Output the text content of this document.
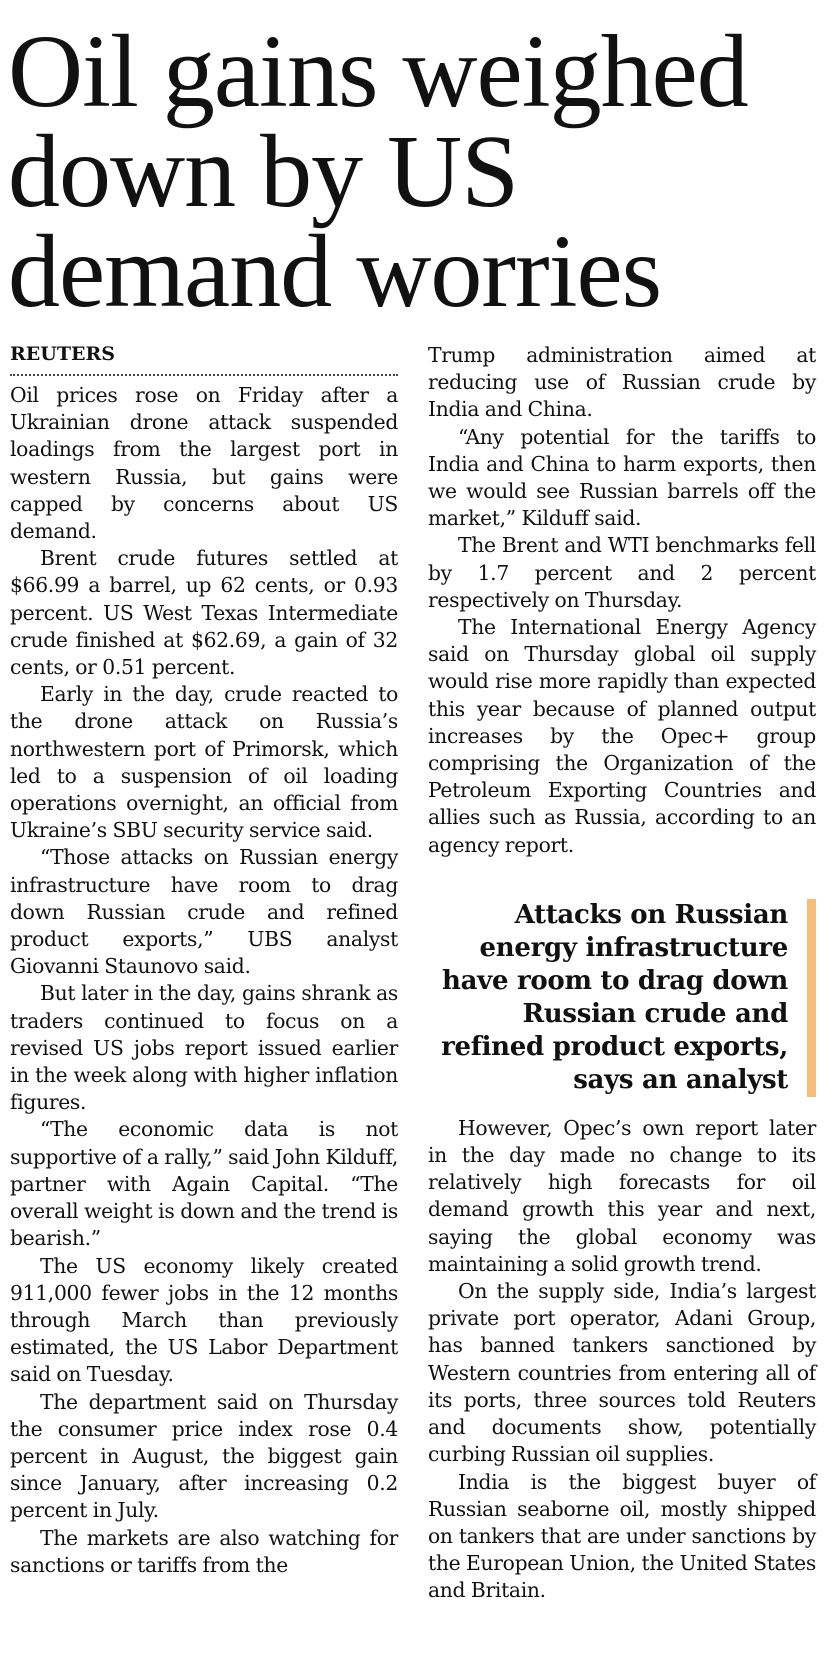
Oil gains weighed down by US demand worries
REUTERS

Oil prices rose on Friday after a Ukrainian drone attack suspended loadings from the largest port in western Russia, but gains were capped by concerns about US demand.

Brent crude futures settled at $66.99 a barrel, up 62 cents, or 0.93 percent. US West Texas Intermediate crude finished at $62.69, a gain of 32 cents, or 0.51 percent.

Early in the day, crude reacted to the drone attack on Russia’s northwestern port of Primorsk, which led to a suspension of oil loading operations overnight, an official from Ukraine’s SBU security service said.

“Those attacks on Russian energy infrastructure have room to drag down Russian crude and refined product exports,” UBS analyst Giovanni Staunovo said.

But later in the day, gains shrank as traders continued to focus on a revised US jobs report issued earlier in the week along with higher inflation figures.

“The economic data is not supportive of a rally,” said John Kilduff, partner with Again Capital. “The overall weight is down and the trend is bearish.”

The US economy likely created 911,000 fewer jobs in the 12 months through March than previously estimated, the US Labor Department said on Tuesday.

The department said on Thursday the consumer price index rose 0.4 percent in August, the biggest gain since January, after increasing 0.2 percent in July.

The markets are also watching for sanctions or tariffs from the

Trump administration aimed at reducing use of Russian crude by India and China.

“Any potential for the tariffs to India and China to harm exports, then we would see Russian barrels off the market,” Kilduff said.

The Brent and WTI benchmarks fell by 1.7 percent and 2 percent respectively on Thursday.

The International Energy Agency said on Thursday global oil supply would rise more rapidly than expected this year because of planned output increases by the Opec+ group comprising the Organization of the Petroleum Exporting Countries and allies such as Russia, according to an agency report.

Attacks on Russian energy infrastructure have room to drag down Russian crude and refined product exports, says an analyst

However, Opec’s own report later in the day made no change to its relatively high forecasts for oil demand growth this year and next, saying the global economy was maintaining a solid growth trend.

On the supply side, India’s largest private port operator, Adani Group, has banned tankers sanctioned by Western countries from entering all of its ports, three sources told Reuters and documents show, potentially curbing Russian oil supplies.

India is the biggest buyer of Russian seaborne oil, mostly shipped on tankers that are under sanctions by the European Union, the United States and Britain.
